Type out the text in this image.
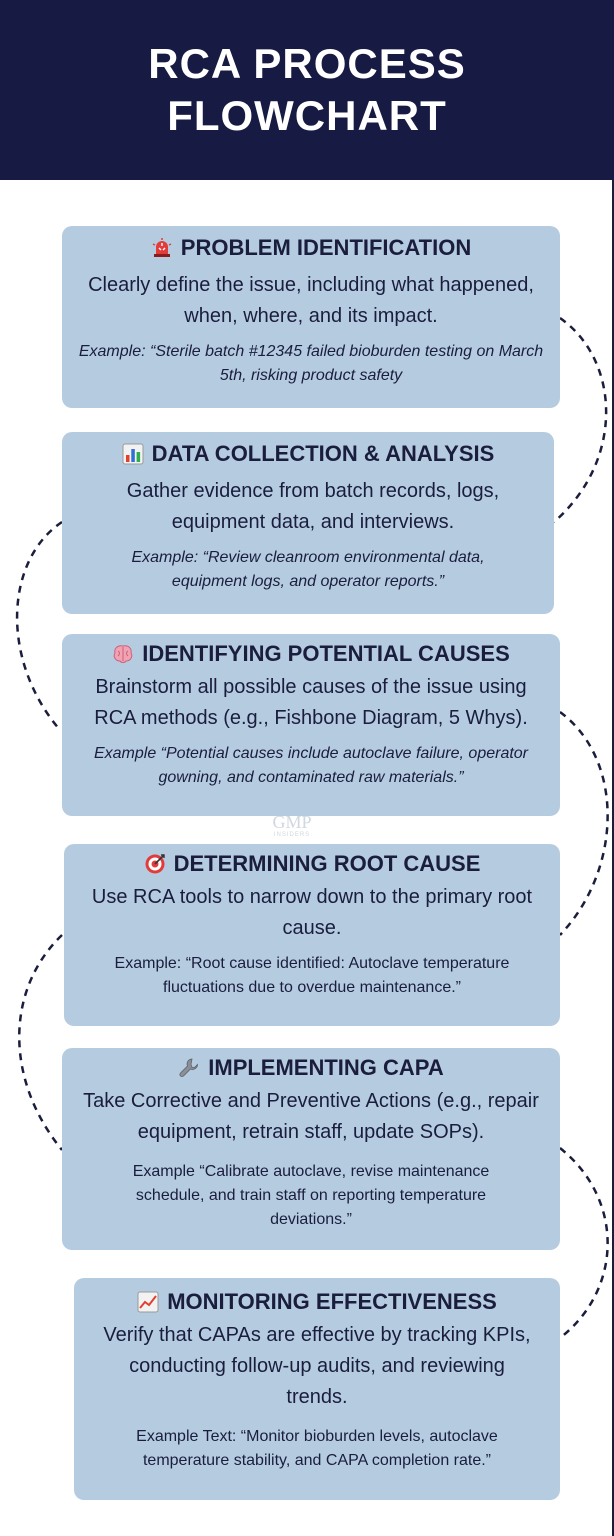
RCA PROCESS
FLOWCHART
PROBLEM IDENTIFICATION
Clearly define the issue, including what happened, when, where, and its impact.
Example: “Sterile batch #12345 failed bioburden testing on March 5th, risking product safety
DATA COLLECTION & ANALYSIS
Gather evidence from batch records, logs, equipment data, and interviews.
Example: “Review cleanroom environmental data, equipment logs, and operator reports.”
IDENTIFYING POTENTIAL CAUSES
Brainstorm all possible causes of the issue using RCA methods (e.g., Fishbone Diagram, 5 Whys).
Example “Potential causes include autoclave failure, operator gowning, and contaminated raw materials.”
GMP
INSIDERS
DETERMINING ROOT CAUSE
Use RCA tools to narrow down to the primary root cause.
Example: “Root cause identified: Autoclave temperature fluctuations due to overdue maintenance.”
IMPLEMENTING CAPA
Take Corrective and Preventive Actions (e.g., repair equipment, retrain staff, update SOPs).
Example “Calibrate autoclave, revise maintenance schedule, and train staff on reporting temperature deviations.”
MONITORING EFFECTIVENESS
Verify that CAPAs are effective by tracking KPIs, conducting follow-up audits, and reviewing trends.
Example Text: “Monitor bioburden levels, autoclave temperature stability, and CAPA completion rate.”
